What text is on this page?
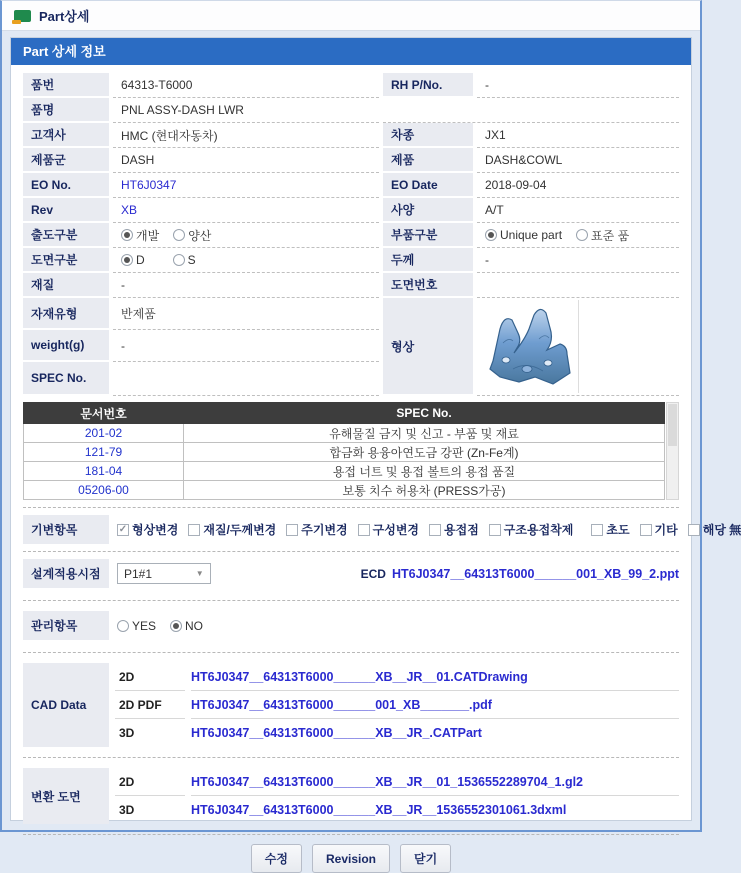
Part상세
Part 상세 정보
품번	64313-T6000	RH P/No.	-
품명	PNL ASSY-DASH LWR
고객사	HMC (현대자동차)	차종	JX1
제품군	DASH	제품	DASH&COWL
EO No.	HT6J0347	EO Date	2018-09-04
Rev	XB	사양	A/T
출도구분	개발 양산	부품구분	Unique part 표준 품
도면구분	D	S	두께	-
재질	-	도면번호
자재유형	반제품
형상
weight(g)	-
SPEC No.
문서번호	SPEC No.
201-02	유해물질 금지 및 신고 - 부품 및 재료
121-79	합금화 용융아연도금 강판 (Zn-Fe계)
181-04	용접 너트 및 용접 볼트의 용접 품질
05206-00	보통 치수 허용차 (PRESS가공)
기변항목 ✓	형상변경 재질/두께변경 주기변경 구성변경 용접점 구조용접착제	초도 기타 해당 無
설계적용시점	P1#1	▼	ECD HT6J0347__64313T6000______001_XB_99_2.ppt
관리항목	YES NO
CAD Data
2D	HT6J0347__64313T6000______XB__JR__01.CATDrawing
2D PDF	HT6J0347__64313T6000______001_XB_______.pdf
3D	HT6J0347__64313T6000______XB__JR_.CATPart
변환 도면
2D	HT6J0347__64313T6000______XB__JR__01_1536552289704_1.gl2
3D	HT6J0347__64313T6000______XB__JR__1536552301061.3dxml
수정	Revision	닫기
